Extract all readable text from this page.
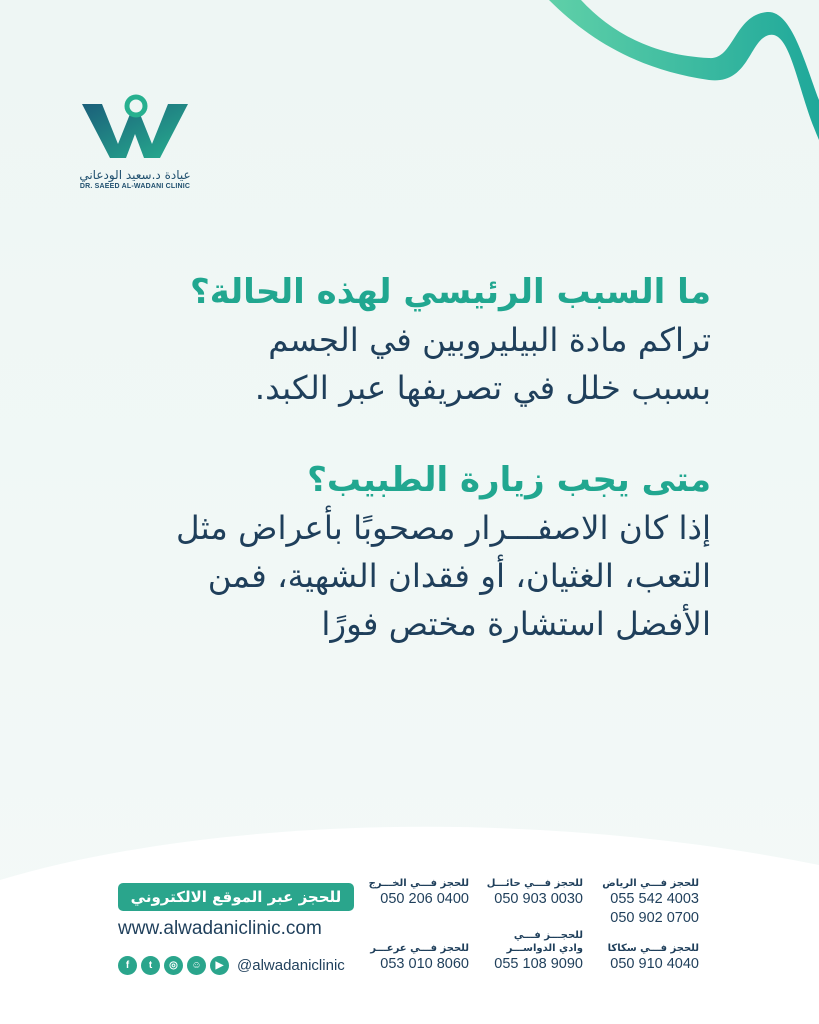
عيادة د.سعيد الودعاني
DR. SAEED AL-WADANI CLINIC
ما السبب الرئيسي لهذه الحالة؟
تراكم مادة البيليروبين في الجسم
بسبب خلل في تصريفها عبر الكبد.
متى يجب زيارة الطبيب؟
إذا كان الاصفـــرار مصحوبًا بأعراض مثل
التعب، الغثيان، أو فقدان الشهية، فمن
الأفضل استشارة مختص فورًا
للحجز عبر الموقع الالكتروني
www.alwadaniclinic.com
f	t	◎	☺	▶ @alwadaniclinic
للحجز فـــي الرياض
055 542 4003
050 902 0700
للحجز فـــي سكاكا
050 910 4040
للحجز فـــي حائـــل
050 903 0030
للحجـــز فـــي
وادي الدواســـر
055 108 9090
للحجز فـــي الخـــرج
050 206 0400
للحجز فـــي عرعـــر
053 010 8060
